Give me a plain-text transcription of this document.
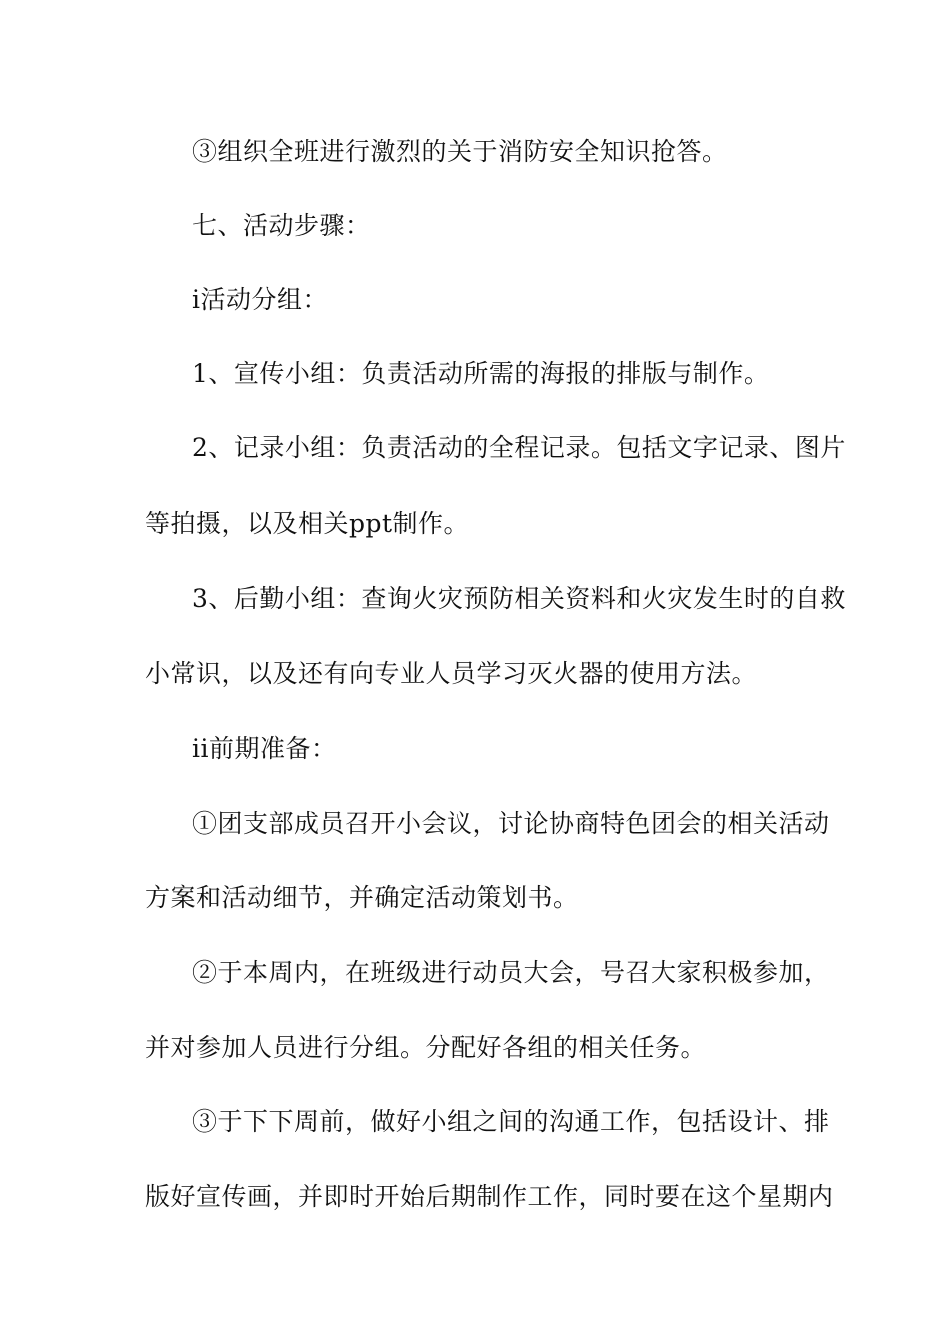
③组织全班进行激烈的关于消防安全知识抢答。
七、活动步骤：
i活动分组：
1、宣传小组：负责活动所需的海报的排版与制作。
2、记录小组：负责活动的全程记录。包括文字记录、图片
等拍摄，以及相关ppt制作。
3、后勤小组：查询火灾预防相关资料和火灾发生时的自救
小常识，以及还有向专业人员学习灭火器的使用方法。
ii前期准备：
①团支部成员召开小会议，讨论协商特色团会的相关活动
方案和活动细节，并确定活动策划书。
②于本周内，在班级进行动员大会，号召大家积极参加，
并对参加人员进行分组。分配好各组的相关任务。
③于下下周前，做好小组之间的沟通工作，包括设计、排
版好宣传画，并即时开始后期制作工作，同时要在这个星期内
